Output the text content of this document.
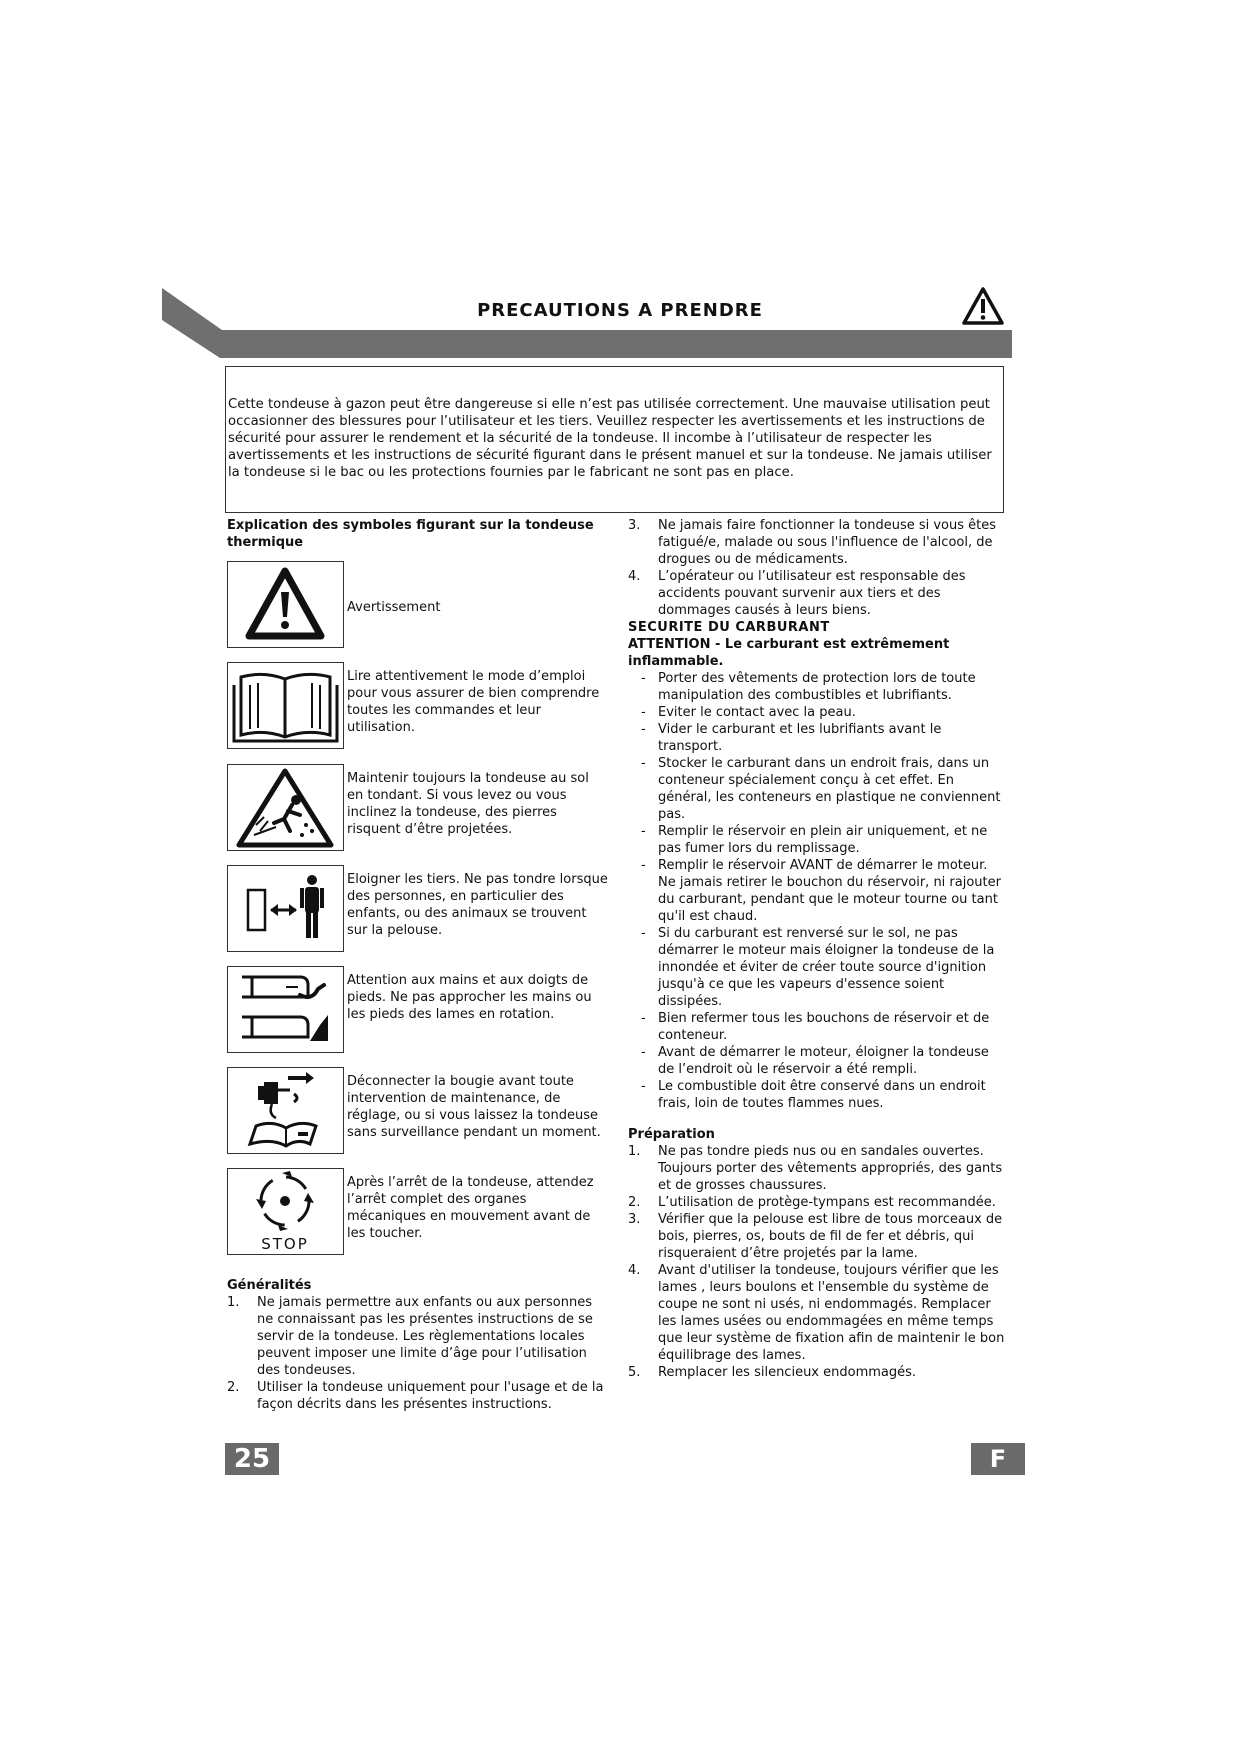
PRECAUTIONS A PRENDRE
Cette tondeuse à gazon peut être dangereuse si elle n’est pas utilisée correctement. Une mauvaise utilisation peut occasionner des blessures pour l’utilisateur et les tiers. Veuillez respecter les avertissements et les instructions de sécurité pour assurer le rendement et la sécurité de la tondeuse. Il incombe à l’utilisateur de respecter les avertissements et les instructions de sécurité figurant dans le présent manuel et sur la tondeuse. Ne jamais utiliser la tondeuse si le bac ou les protections fournies par le fabricant ne sont pas en place.
Explication des symboles figurant sur la tondeuse thermique
Avertissement
Lire attentivement le mode d’emploi pour vous assurer de bien comprendre toutes les commandes et leur utilisation.
Maintenir toujours la tondeuse au sol en tondant. Si vous levez ou vous inclinez la tondeuse, des pierres risquent d’être projetées.
Eloigner les tiers. Ne pas tondre lorsque des personnes, en particulier des enfants, ou des animaux se trouvent sur la pelouse.
Attention aux mains et aux doigts de pieds. Ne pas approcher les mains ou les pieds des lames en rotation.
Déconnecter la bougie avant toute intervention de maintenance, de réglage, ou si vous laissez la tondeuse sans surveillance pendant un moment.
STOP
Après l’arrêt de la tondeuse, attendez l’arrêt complet des organes mécaniques en mouvement avant de les toucher.
Généralités
1. Ne jamais permettre aux enfants ou aux personnes ne connaissant pas les présentes instructions de se servir de la tondeuse. Les règlementations locales peuvent imposer une limite d’âge pour l’utilisation des tondeuses.
2. Utiliser la tondeuse uniquement pour l'usage et de la façon décrits dans les présentes instructions.
3. Ne jamais faire fonctionner la tondeuse si vous êtes fatigué/e, malade ou sous l'influence de l'alcool, de drogues ou de médicaments.
4. L’opérateur ou l’utilisateur est responsable des accidents pouvant survenir aux tiers et des dommages causés à leurs biens.
SECURITE DU CARBURANT
ATTENTION - Le carburant est extrêmement inflammable.
- Porter des vêtements de protection lors de toute manipulation des combustibles et lubrifiants.
- Eviter le contact avec la peau.
- Vider le carburant et les lubrifiants avant le transport.
- Stocker le carburant dans un endroit frais, dans un conteneur spécialement conçu à cet effet. En général, les conteneurs en plastique ne conviennent pas.
- Remplir le réservoir en plein air uniquement, et ne pas fumer lors du remplissage.
- Remplir le réservoir AVANT de démarrer le moteur. Ne jamais retirer le bouchon du réservoir, ni rajouter du carburant, pendant que le moteur tourne ou tant qu'il est chaud.
- Si du carburant est renversé sur le sol, ne pas démarrer le moteur mais éloigner la tondeuse de la innondée et éviter de créer toute source d'ignition jusqu'à ce que les vapeurs d'essence soient dissipées.
- Bien refermer tous les bouchons de réservoir et de conteneur.
- Avant de démarrer le moteur, éloigner la tondeuse de l’endroit où le réservoir a été rempli.
- Le combustible doit être conservé dans un endroit frais, loin de toutes flammes nues.
Préparation
1. Ne pas tondre pieds nus ou en sandales ouvertes. Toujours porter des vêtements appropriés, des gants et de grosses chaussures.
2. L’utilisation de protège-tympans est recommandée.
3. Vérifier que la pelouse est libre de tous morceaux de bois, pierres, os, bouts de fil de fer et débris, qui risqueraient d’être projetés par la lame.
4. Avant d'utiliser la tondeuse, toujours vérifier que les lames , leurs boulons et l'ensemble du système de coupe ne sont ni usés, ni endommagés. Remplacer les lames usées ou endommagées en même temps que leur système de fixation afin de maintenir le bon équilibrage des lames.
5. Remplacer les silencieux endommagés.
25	F
